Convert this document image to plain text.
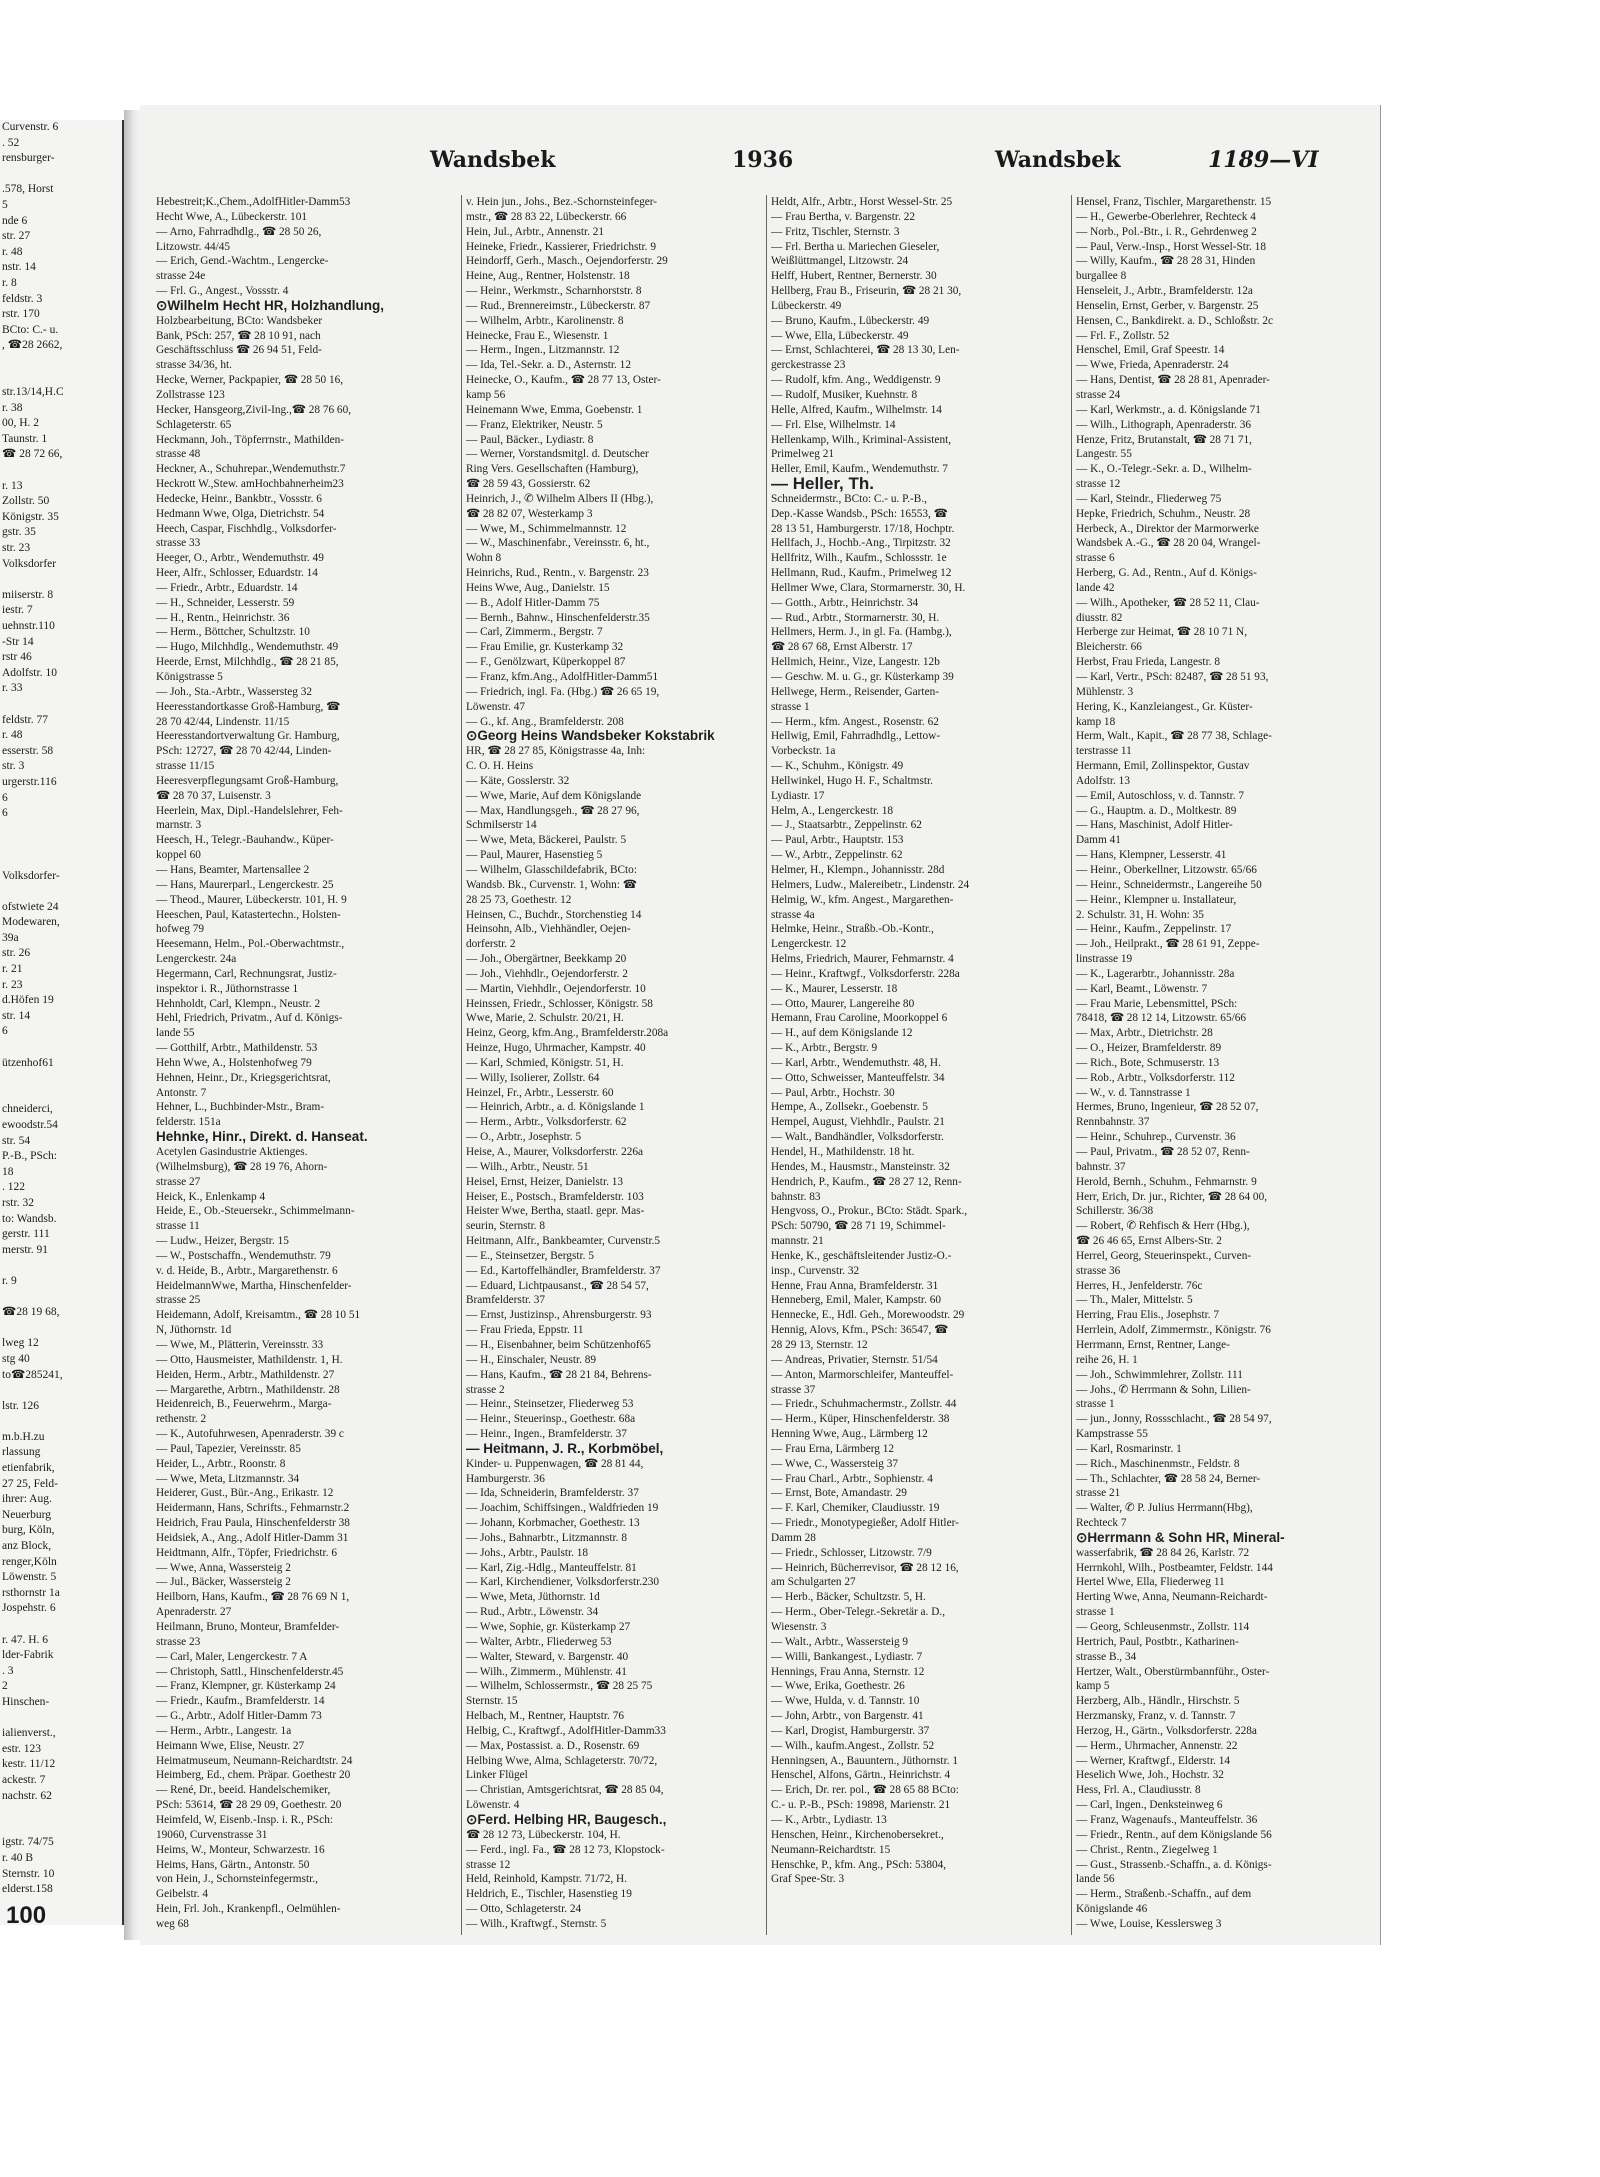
Curvenstr. 6
. 52
rensburger-

.578, Horst
5
nde 6
str. 27
r. 48
nstr. 14
r. 8
feldstr. 3
rstr. 170
BCto: C.- u.
, ☎28 2662,

str.13/14,H.C
r. 38
00, H. 2
Taunstr. 1
☎ 28 72 66,

r. 13
Zollstr. 50
Königstr. 35
gstr. 35
str. 23
Volksdorfer

miiserstr. 8
iestr. 7
uehnstr.110
-Str 14
rstr 46
Adolfstr. 10
r. 33

feldstr. 77
r. 48
esserstr. 58
str. 3
urgerstr.116
6
6

Volksdorfer-

ofstwiete 24
Modewaren,
39a
str. 26
r. 21
r. 23
d.Höfen 19
str. 14
6

ützenhof61

chneiderci,
ewoodstr.54
str. 54
P.-B., PSch:
18
. 122
rstr. 32
to: Wandsb.
gerstr. 111
merstr. 91

r. 9

☎28 19 68,

lweg 12
stg 40
to☎285241,

lstr. 126

m.b.H.zu
rlassung
etienfabrik,
27 25, Feld-
ihrer: Aug.
Neuerburg
burg, Köln,
anz Block,
renger,Köln
Löwenstr. 5
rsthornstr 1a
Jospehstr. 6

r. 47. H. 6
lder-Fabrik
. 3
2
Hinschen-

ialienverst.,
estr. 123
kestr. 11/12
ackestr. 7
nachstr. 62

igstr. 74/75
r. 40 B
Sternstr. 10
elderst.158
100
Wandsbek	1936	Wandsbek	1189—VI
Hebestreit;K.,Chem.,AdolfHitler-Damm53
Hecht Wwe, A., Lübeckerstr. 101
— Arno, Fahrradhdlg., ☎ 28 50 26,
Litzowstr. 44/45
— Erich, Gend.-Wachtm., Lengercke-
strasse 24e
— Frl. G., Angest., Vossstr. 4
⊙ Wilhelm Hecht HR, Holzhandlung,
Holzbearbeitung, BCto: Wandsbeker
Bank, PSch: 257, ☎ 28 10 91, nach
Geschäftsschluss ☎ 26 94 51, Feld-
strasse 34/36, ht.
Hecke, Werner, Packpapier, ☎ 28 50 16,
Zollstrasse 123
Hecker, Hansgeorg,Zivil-Ing.,☎ 28 76 60,
Schlageterstr. 65
Heckmann, Joh., Töpferrnstr., Mathilden-
strasse 48
Heckner, A., Schuhrepar.,Wendemuthstr.7
Heckrott W.,Stew. amHochbahnerheim23
Hedecke, Heinr., Bankbtr., Vossstr. 6
Hedmann Wwe, Olga, Dietrichstr. 54
Heech, Caspar, Fischhdlg., Volksdorfer-
strasse 33
Heeger, O., Arbtr., Wendemuthstr. 49
Heer, Alfr., Schlosser, Eduardstr. 14
— Friedr., Arbtr., Eduardstr. 14
— H., Schneider, Lesserstr. 59
— H., Rentn., Heinrichstr. 36
— Herm., Böttcher, Schultzstr. 10
— Hugo, Milchhdlg., Wendemuthstr. 49
Heerde, Ernst, Milchhdlg., ☎ 28 21 85,
Königstrasse 5
— Joh., Sta.-Arbtr., Wassersteg 32
Heeresstandortkasse Groß-Hamburg, ☎
28 70 42/44, Lindenstr. 11/15
Heeresstandortverwaltung Gr. Hamburg,
PSch: 12727, ☎ 28 70 42/44, Linden-
strasse 11/15
Heeresverpflegungsamt Groß-Hamburg,
☎ 28 70 37, Luisenstr. 3
Heerlein, Max, Dipl.-Handelslehrer, Feh-
marnstr. 3
Heesch, H., Telegr.-Bauhandw., Küper-
koppel 60
— Hans, Beamter, Martensallee 2
— Hans, Maurerparl., Lengerckestr. 25
— Theod., Maurer, Lübeckerstr. 101, H. 9
Heeschen, Paul, Katastertechn., Holsten-
hofweg 79
Heesemann, Helm., Pol.-Oberwachtmstr.,
Lengerckestr. 24a
Hegermann, Carl, Rechnungsrat, Justiz-
inspektor i. R., Jüthornstrasse 1
Hehnholdt, Carl, Klempn., Neustr. 2
Hehl, Friedrich, Privatm., Auf d. Königs-
lande 55
— Gotthilf, Arbtr., Mathildenstr. 53
Hehn Wwe, A., Holstenhofweg 79
Hehnen, Heinr., Dr., Kriegsgerichtsrat,
Antonstr. 7
Hehner, L., Buchbinder-Mstr., Bram-
felderstr. 151a
Hehnke, Hinr., Direkt. d. Hanseat.
Acetylen Gasindustrie Aktienges.
(Wilhelmsburg), ☎ 28 19 76, Ahorn-
strasse 27
Heick, K., Enlenkamp 4
Heide, E., Ob.-Steuersekr., Schimmelmann-
strasse 11
— Ludw., Heizer, Bergstr. 15
— W., Postschaffn., Wendemuthstr. 79
v. d. Heide, B., Arbtr., Margarethenstr. 6
HeidelmannWwe, Martha, Hinschenfelder-
strasse 25
Heidemann, Adolf, Kreisamtm., ☎ 28 10 51
N, Jüthornstr. 1d
— Wwe, M., Plätterin, Vereinsstr. 33
— Otto, Hausmeister, Mathildenstr. 1, H.
Heiden, Herm., Arbtr., Mathildenstr. 27
— Margarethe, Arbtrn., Mathildenstr. 28
Heidenreich, B., Feuerwehrm., Marga-
rethenstr. 2
— K., Autofuhrwesen, Apenraderstr. 39 c
— Paul, Tapezier, Vereinsstr. 85
Heider, L., Arbtr., Roonstr. 8
— Wwe, Meta, Litzmannstr. 34
Heiderer, Gust., Bür.-Ang., Erikastr. 12
Heidermann, Hans, Schrifts., Fehmarnstr.2
Heidrich, Frau Paula, Hinschenfelderstr 38
Heidsiek, A., Ang., Adolf Hitler-Damm 31
Heidtmann, Alfr., Töpfer, Friedrichstr. 6
— Wwe, Anna, Wassersteig 2
— Jul., Bäcker, Wassersteig 2
Heilborn, Hans, Kaufm., ☎ 28 76 69 N 1,
Apenraderstr. 27
Heilmann, Bruno, Monteur, Bramfelder-
strasse 23
— Carl, Maler, Lengerckestr. 7 A
— Christoph, Sattl., Hinschenfelderstr.45
— Franz, Klempner, gr. Küsterkamp 24
— Friedr., Kaufm., Bramfelderstr. 14
— G., Arbtr., Adolf Hitler-Damm 73
— Herm., Arbtr., Langestr. 1a
Heimann Wwe, Elise, Neustr. 27
Heimatmuseum, Neumann-Reichardtstr. 24
Heimberg, Ed., chem. Präpar. Goethestr 20
— René, Dr., beeid. Handelschemiker,
PSch: 53614, ☎ 28 29 09, Goethestr. 20
Heimfeld, W, Eisenb.-Insp. i. R., PSch:
19060, Curvenstrasse 31
Heims, W., Monteur, Schwarzestr. 16
Heims, Hans, Gärtn., Antonstr. 50
von Hein, J., Schornsteinfegermstr.,
Geibelstr. 4
Hein, Frl. Joh., Krankenpfl., Oelmühlen-
weg 68
v. Hein jun., Johs., Bez.-Schornsteinfeger-
mstr., ☎ 28 83 22, Lübeckerstr. 66
Hein, Jul., Arbtr., Annenstr. 21
Heineke, Friedr., Kassierer, Friedrichstr. 9
Heindorff, Gerh., Masch., Oejendorferstr. 29
Heine, Aug., Rentner, Holstenstr. 18
— Heinr., Werkmstr., Scharnhorststr. 8
— Rud., Brennereimstr., Lübeckerstr. 87
— Wilhelm, Arbtr., Karolinenstr. 8
Heinecke, Frau E., Wiesenstr. 1
— Herm., Ingen., Litzmannstr. 12
— Ida, Tel.-Sekr. a. D., Asternstr. 12
Heinecke, O., Kaufm., ☎ 28 77 13, Oster-
kamp 56
Heinemann Wwe, Emma, Goebenstr. 1
— Franz, Elektriker, Neustr. 5
— Paul, Bäcker., Lydiastr. 8
— Werner, Vorstandsmitgl. d. Deutscher
Ring Vers. Gesellschaften (Hamburg),
☎ 28 59 43, Gossierstr. 62
Heinrich, J., ✆ Wilhelm Albers II (Hbg.),
☎ 28 82 07, Westerkamp 3
— Wwe, M., Schimmelmannstr. 12
— W., Maschinenfabr., Vereinsstr. 6, ht.,
Wohn 8
Heinrichs, Rud., Rentn., v. Bargenstr. 23
Heins Wwe, Aug., Danielstr. 15
— B., Adolf Hitler-Damm 75
— Bernh., Bahnw., Hinschenfelderstr.35
— Carl, Zimmerm., Bergstr. 7
— Frau Emilie, gr. Kusterkamp 32
— F., Genölzwart, Küperkoppel 87
— Franz, kfm.Ang., AdolfHitler-Damm51
— Friedrich, ingl. Fa. (Hbg.) ☎ 26 65 19,
Löwenstr. 47
— G., kf. Ang., Bramfelderstr. 208
⊙ Georg Heins Wandsbeker Kokstabrik
HR, ☎ 28 27 85, Königstrasse 4a, Inh:
C. O. H. Heins
— Käte, Gosslerstr. 32
— Wwe, Marie, Auf dem Königslande
— Max, Handlungsgeh., ☎ 28 27 96,
Schmilserstr 14
— Wwe, Meta, Bäckerei, Paulstr. 5
— Paul, Maurer, Hasenstieg 5
— Wilhelm, Glasschildefabrik, BCto:
Wandsb. Bk., Curvenstr. 1, Wohn: ☎
28 25 73, Goethestr. 12
Heinsen, C., Buchdr., Storchenstieg 14
Heinsohn, Alb., Viehhändler, Oejen-
dorferstr. 2
— Joh., Obergärtner, Beekkamp 20
— Joh., Viehhdlr., Oejendorferstr. 2
— Martin, Viehhdlr., Oejendorferstr. 10
Heinssen, Friedr., Schlosser, Königstr. 58
Wwe, Marie, 2. Schulstr. 20/21, H.
Heinz, Georg, kfm.Ang., Bramfelderstr.208a
Heinze, Hugo, Uhrmacher, Kampstr. 40
— Karl, Schmied, Königstr. 51, H.
— Willy, Isolierer, Zollstr. 64
Heinzel, Fr., Arbtr., Lesserstr. 60
— Heinrich, Arbtr., a. d. Königslande 1
— Herm., Arbtr., Volksdorferstr. 62
— O., Arbtr., Josephstr. 5
Heise, A., Maurer, Volksdorferstr. 226a
— Wilh., Arbtr., Neustr. 51
Heisel, Ernst, Heizer, Danielstr. 13
Heiser, E., Postsch., Bramfelderstr. 103
Heister Wwe, Bertha, staatl. gepr. Mas-
seurin, Sternstr. 8
Heitmann, Alfr., Bankbeamter, Curvenstr.5
— E., Steinsetzer, Bergstr. 5
— Ed., Kartoffelhändler, Bramfelderstr. 37
— Eduard, Lichtpausanst., ☎ 28 54 57,
Bramfelderstr. 37
— Ernst, Justizinsp., Ahrensburgerstr. 93
— Frau Frieda, Eppstr. 11
— H., Eisenbahner, beim Schützenhof65
— H., Einschaler, Neustr. 89
— Hans, Kaufm., ☎ 28 21 84, Behrens-
strasse 2
— Heinr., Steinsetzer, Fliederweg 53
— Heinr., Steuerinsp., Goethestr. 68a
— Heinr., Ingen., Bramfelderstr. 37
— Heitmann, J. R., Korbmöbel,
Kinder- u. Puppenwagen, ☎ 28 81 44,
Hamburgerstr. 36
— Ida, Schneiderin, Bramfelderstr. 37
— Joachim, Schiffsingen., Waldfrieden 19
— Johann, Korbmacher, Goethestr. 13
— Johs., Bahnarbtr., Litzmannstr. 8
— Johs., Arbtr., Paulstr. 18
— Karl, Zig.-Hdlg., Manteuffelstr. 81
— Karl, Kirchendiener, Volksdorferstr.230
— Wwe, Meta, Jüthornstr. 1d
— Rud., Arbtr., Löwenstr. 34
— Wwe, Sophie, gr. Küsterkamp 27
— Walter, Arbtr., Fliederweg 53
— Walter, Steward, v. Bargenstr. 40
— Wilh., Zimmerm., Mühlenstr. 41
— Wilhelm, Schlossermstr., ☎ 28 25 75
Sternstr. 15
Helbach, M., Rentner, Hauptstr. 76
Helbig, C., Kraftwgf., AdolfHitler-Damm33
— Max, Postassist. a. D., Rosenstr. 69
Helbing Wwe, Alma, Schlageterstr. 70/72,
Linker Flügel
— Christian, Amtsgerichtsrat, ☎ 28 85 04,
Löwenstr. 4
⊙ Ferd. Helbing HR, Baugesch.,
☎ 28 12 73, Lübeckerstr. 104, H.
— Ferd., ingl. Fa., ☎ 28 12 73, Klopstock-
strasse 12
Held, Reinhold, Kampstr. 71/72, H.
Heldrich, E., Tischler, Hasenstieg 19
— Otto, Schlageterstr. 24
— Wilh., Kraftwgf., Sternstr. 5
Heldt, Alfr., Arbtr., Horst Wessel-Str. 25
— Frau Bertha, v. Bargenstr. 22
— Fritz, Tischler, Sternstr. 3
— Frl. Bertha u. Mariechen Gieseler,
Weißlüttmangel, Litzowstr. 24
Helff, Hubert, Rentner, Bernerstr. 30
Hellberg, Frau B., Friseurin, ☎ 28 21 30,
Lübeckerstr. 49
— Bruno, Kaufm., Lübeckerstr. 49
— Wwe, Ella, Lübeckerstr. 49
— Ernst, Schlachterei, ☎ 28 13 30, Len-
gerckestrasse 23
— Rudolf, kfm. Ang., Weddigenstr. 9
— Rudolf, Musiker, Kuehnstr. 8
Helle, Alfred, Kaufm., Wilhelmstr. 14
— Frl. Else, Wilhelmstr. 14
Hellenkamp, Wilh., Kriminal-Assistent,
Primelweg 21
Heller, Emil, Kaufm., Wendemuthstr. 7
— Heller, Th.
Schneidermstr., BCto: C.- u. P.-B.,
Dep.-Kasse Wandsb., PSch: 16553, ☎
28 13 51, Hamburgerstr. 17/18, Hochptr.
Hellfach, J., Hochb.-Ang., Tirpitzstr. 32
Hellfritz, Wilh., Kaufm., Schlossstr. 1e
Hellmann, Rud., Kaufm., Primelweg 12
Hellmer Wwe, Clara, Stormarnerstr. 30, H.
— Gotth., Arbtr., Heinrichstr. 34
— Rud., Arbtr., Stormarnerstr. 30, H.
Hellmers, Herm. J., in gl. Fa. (Hambg.),
☎ 28 67 68, Ernst Alberstr. 17
Hellmich, Heinr., Vize, Langestr. 12b
— Geschw. M. u. G., gr. Küsterkamp 39
Hellwege, Herm., Reisender, Garten-
strasse 1
— Herm., kfm. Angest., Rosenstr. 62
Hellwig, Emil, Fahrradhdlg., Lettow-
Vorbeckstr. 1a
— K., Schuhm., Königstr. 49
Hellwinkel, Hugo H. F., Schaltmstr.
Lydiastr. 17
Helm, A., Lengerckestr. 18
— J., Staatsarbtr., Zeppelinstr. 62
— Paul, Arbtr., Hauptstr. 153
— W., Arbtr., Zeppelinstr. 62
Helmer, H., Klempn., Johannisstr. 28d
Helmers, Ludw., Malereibetr., Lindenstr. 24
Helmig, W., kfm. Angest., Margarethen-
strasse 4a
Helmke, Heinr., Straßb.-Ob.-Kontr.,
Lengerckestr. 12
Helms, Friedrich, Maurer, Fehmarnstr. 4
— Heinr., Kraftwgf., Volksdorferstr. 228a
— K., Maurer, Lesserstr. 18
— Otto, Maurer, Langereihe 80
Hemann, Frau Caroline, Moorkoppel 6
— H., auf dem Königslande 12
— K., Arbtr., Bergstr. 9
— Karl, Arbtr., Wendemuthstr. 48, H.
— Otto, Schweisser, Manteuffelstr. 34
— Paul, Arbtr., Hochstr. 30
Hempe, A., Zollsekr., Goebenstr. 5
Hempel, August, Viehhdlr., Paulstr. 21
— Walt., Bandhändler, Volksdorferstr.
Hendel, H., Mathildenstr. 18 ht.
Hendes, M., Hausmstr., Mansteinstr. 32
Hendrich, P., Kaufm., ☎ 28 27 12, Renn-
bahnstr. 83
Hengvoss, O., Prokur., BCto: Städt. Spark.,
PSch: 50790, ☎ 28 71 19, Schimmel-
mannstr. 21
Henke, K., geschäftsleitender Justiz-O.-
insp., Curvenstr. 32
Henne, Frau Anna, Bramfelderstr. 31
Henneberg, Emil, Maler, Kampstr. 60
Hennecke, E., Hdl. Geh., Morewoodstr. 29
Hennig, Alovs, Kfm., PSch: 36547, ☎
28 29 13, Sternstr. 12
— Andreas, Privatier, Sternstr. 51/54
— Anton, Marmorschleifer, Manteuffel-
strasse 37
— Friedr., Schuhmachermstr., Zollstr. 44
— Herm., Küper, Hinschenfelderstr. 38
Henning Wwe, Aug., Lärmberg 12
— Frau Erna, Lärmberg 12
— Wwe, C., Wassersteig 37
— Frau Charl., Arbtr., Sophienstr. 4
— Ernst, Bote, Amandastr. 29
— F. Karl, Chemiker, Claudiusstr. 19
— Friedr., Monotypegießer, Adolf Hitler-
Damm 28
— Friedr., Schlosser, Litzowstr. 7/9
— Heinrich, Bücherrevisor, ☎ 28 12 16,
am Schulgarten 27
— Herb., Bäcker, Schultzstr. 5, H.
— Herm., Ober-Telegr.-Sekretär a. D.,
Wiesenstr. 3
— Walt., Arbtr., Wassersteig 9
— Willi, Bankangest., Lydiastr. 7
Hennings, Frau Anna, Sternstr. 12
— Wwe, Erika, Goethestr. 26
— Wwe, Hulda, v. d. Tannstr. 10
— John, Arbtr., von Bargenstr. 41
— Karl, Drogist, Hamburgerstr. 37
— Wilh., kaufm.Angest., Zollstr. 52
Henningsen, A., Bauuntern., Jüthornstr. 1
Henschel, Alfons, Gärtn., Heinrichstr. 4
— Erich, Dr. rer. pol., ☎ 28 65 88 BCto:
C.- u. P.-B., PSch: 19898, Marienstr. 21
— K., Arbtr., Lydiastr. 13
Henschen, Heinr., Kirchenobersekret.,
Neumann-Reichardtstr. 15
Henschke, P., kfm. Ang., PSch: 53804,
Graf Spee-Str. 3
Hensel, Franz, Tischler, Margarethenstr. 15
— H., Gewerbe-Oberlehrer, Rechteck 4
— Norb., Pol.-Btr., i. R., Gehrdenweg 2
— Paul, Verw.-Insp., Horst Wessel-Str. 18
— Willy, Kaufm., ☎ 28 28 31, Hinden
burgallee 8
Henseleit, J., Arbtr., Bramfelderstr. 12a
Henselin, Ernst, Gerber, v. Bargenstr. 25
Hensen, C., Bankdirekt. a. D., Schloßstr. 2c
— Frl. F., Zollstr. 52
Henschel, Emil, Graf Speestr. 14
— Wwe, Frieda, Apenraderstr. 24
— Hans, Dentist, ☎ 28 28 81, Apenrader-
strasse 24
— Karl, Werkmstr., a. d. Königslande 71
— Wilh., Lithograph, Apenraderstr. 36
Henze, Fritz, Brutanstalt, ☎ 28 71 71,
Langestr. 55
— K., O.-Telegr.-Sekr. a. D., Wilhelm-
strasse 12
— Karl, Steindr., Fliederweg 75
Hepke, Friedrich, Schuhm., Neustr. 28
Herbeck, A., Direktor der Marmorwerke
Wandsbek A.-G., ☎ 28 20 04, Wrangel-
strasse 6
Herberg, G. Ad., Rentn., Auf d. Königs-
lande 42
— Wilh., Apotheker, ☎ 28 52 11, Clau-
diusstr. 82
Herberge zur Heimat, ☎ 28 10 71 N,
Bleicherstr. 66
Herbst, Frau Frieda, Langestr. 8
— Karl, Vertr., PSch: 82487, ☎ 28 51 93,
Mühlenstr. 3
Hering, K., Kanzleiangest., Gr. Küster-
kamp 18
Herm, Walt., Kapit., ☎ 28 77 38, Schlage-
terstrasse 11
Hermann, Emil, Zollinspektor, Gustav
Adolfstr. 13
— Emil, Autoschloss, v. d. Tannstr. 7
— G., Hauptm. a. D., Moltkestr. 89
— Hans, Maschinist, Adolf Hitler-
Damm 41
— Hans, Klempner, Lesserstr. 41
— Heinr., Oberkellner, Litzowstr. 65/66
— Heinr., Schneidermstr., Langereihe 50
— Heinr., Klempner u. Installateur,
2. Schulstr. 31, H. Wohn: 35
— Heinr., Kaufm., Zeppelinstr. 17
— Joh., Heilprakt., ☎ 28 61 91, Zeppe-
linstrasse 19
— K., Lagerarbtr., Johannisstr. 28a
— Karl, Beamt., Löwenstr. 7
— Frau Marie, Lebensmittel, PSch:
78418, ☎ 28 12 14, Litzowstr. 65/66
— Max, Arbtr., Dietrichstr. 28
— O., Heizer, Bramfelderstr. 89
— Rich., Bote, Schmuserstr. 13
— Rob., Arbtr., Volksdorferstr. 112
— W., v. d. Tannstrasse 1
Hermes, Bruno, Ingenieur, ☎ 28 52 07,
Rennbahnstr. 37
— Heinr., Schuhrep., Curvenstr. 36
— Paul, Privatm., ☎ 28 52 07, Renn-
bahnstr. 37
Herold, Bernh., Schuhm., Fehmarnstr. 9
Herr, Erich, Dr. jur., Richter, ☎ 28 64 00,
Schillerstr. 36/38
— Robert, ✆ Rehfisch & Herr (Hbg.),
☎ 26 46 65, Ernst Albers-Str. 2
Herrel, Georg, Steuerinspekt., Curven-
strasse 36
Herres, H., Jenfelderstr. 76c
— Th., Maler, Mittelstr. 5
Herring, Frau Elis., Josephstr. 7
Herrlein, Adolf, Zimmermstr., Königstr. 76
Herrmann, Ernst, Rentner, Lange-
reihe 26, H. 1
— Joh., Schwimmlehrer, Zollstr. 111
— Johs., ✆ Herrmann & Sohn, Lilien-
strasse 1
— jun., Jonny, Rossschlacht., ☎ 28 54 97,
Kampstrasse 55
— Karl, Rosmarinstr. 1
— Rich., Maschinenmstr., Feldstr. 8
— Th., Schlachter, ☎ 28 58 24, Berner-
strasse 21
— Walter, ✆ P. Julius Herrmann(Hbg),
Rechteck 7
⊙ Herrmann & Sohn HR, Mineral-
wasserfabrik, ☎ 28 84 26, Karlstr. 72
Herrnkohl, Wilh., Postbeamter, Feldstr. 144
Hertel Wwe, Ella, Fliederweg 11
Herting Wwe, Anna, Neumann-Reichardt-
strasse 1
— Georg, Schleusenmstr., Zollstr. 114
Hertrich, Paul, Postbtr., Katharinen-
strasse B., 34
Hertzer, Walt., Oberstürmbannführ., Oster-
kamp 5
Herzberg, Alb., Händlr., Hirschstr. 5
Herzmansky, Franz, v. d. Tannstr. 7
Herzog, H., Gärtn., Volksdorferstr. 228a
— Herm., Uhrmacher, Annenstr. 22
— Werner, Kraftwgf., Elderstr. 14
Heselich Wwe, Joh., Hochstr. 32
Hess, Frl. A., Claudiusstr. 8
— Carl, Ingen., Denksteinweg 6
— Franz, Wagenaufs., Manteuffelstr. 36
— Friedr., Rentn., auf dem Königslande 56
— Christ., Rentn., Ziegelweg 1
— Gust., Strassenb.-Schaffn., a. d. Königs-
lande 56
— Herm., Straßenb.-Schaffn., auf dem
Königslande 46
— Wwe, Louise, Kesslersweg 3
